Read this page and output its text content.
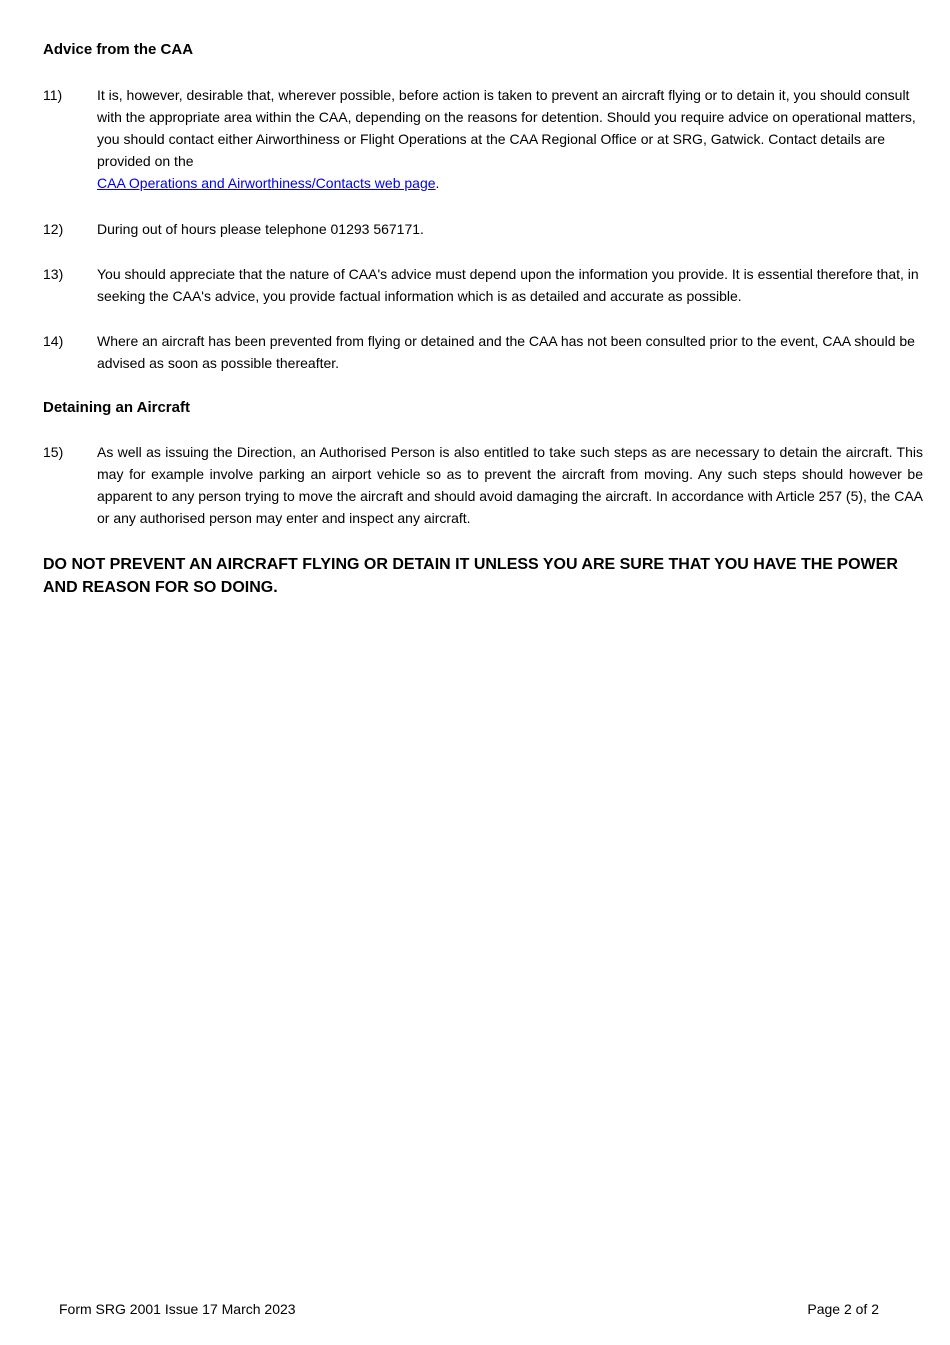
Advice from the CAA
11) It is, however, desirable that, wherever possible, before action is taken to prevent an aircraft flying or to detain it, you should consult with the appropriate area within the CAA, depending on the reasons for detention. Should you require advice on operational matters, you should contact either Airworthiness or Flight Operations at the CAA Regional Office or at SRG, Gatwick. Contact details are provided on the
CAA Operations and Airworthiness/Contacts web page.
12) During out of hours please telephone 01293 567171.
13) You should appreciate that the nature of CAA's advice must depend upon the information you provide. It is essential therefore that, in seeking the CAA's advice, you provide factual information which is as detailed and accurate as possible.
14) Where an aircraft has been prevented from flying or detained and the CAA has not been consulted prior to the event, CAA should be advised as soon as possible thereafter.
Detaining an Aircraft
15) As well as issuing the Direction, an Authorised Person is also entitled to take such steps as are necessary to detain the aircraft. This may for example involve parking an airport vehicle so as to prevent the aircraft from moving. Any such steps should however be apparent to any person trying to move the aircraft and should avoid damaging the aircraft. In accordance with Article 257 (5), the CAA or any authorised person may enter and inspect any aircraft.
DO NOT PREVENT AN AIRCRAFT FLYING OR DETAIN IT UNLESS YOU ARE SURE THAT YOU HAVE THE POWER AND REASON FOR SO DOING.
Form SRG 2001 Issue 17 March 2023	Page 2 of 2
